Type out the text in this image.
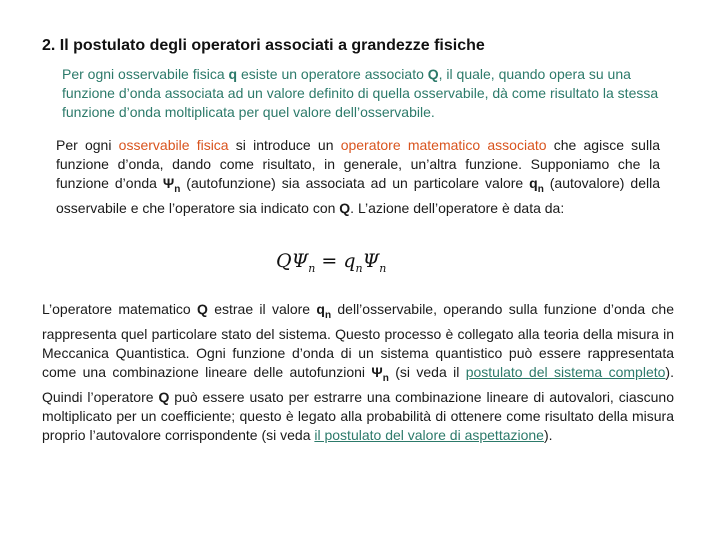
2. Il postulato degli operatori associati a grandezze fisiche
Per ogni osservabile fisica q esiste un operatore associato Q, il quale, quando opera su una funzione d’onda associata ad un valore definito di quella osservabile, dà come risultato la stessa funzione d’onda moltiplicata per quel valore dell’osservabile.
Per ogni osservabile fisica si introduce un operatore matematico associato che agisce sulla funzione d’onda, dando come risultato, in generale, un’altra funzione. Supponiamo che la funzione d’onda $\Psi_n$ (autofunzione) sia associata ad un particolare valore $q_n$ (autovalore) della osservabile e che l’operatore sia indicato con Q. L’azione dell’operatore è data da:
$Q\Psi_n = q_n\Psi_n$
L’operatore matematico Q estrae il valore $q_n$ dell’osservabile, operando sulla funzione d’onda che rappresenta quel particolare stato del sistema. Questo processo è collegato alla teoria della misura in Meccanica Quantistica. Ogni funzione d’onda di un sistema quantistico può essere rappresentata come una combinazione lineare delle autofunzioni $\Psi_n$ (si veda il postulato del sistema completo). Quindi l’operatore Q può essere usato per estrarre una combinazione lineare di autovalori, ciascuno moltiplicato per un coefficiente; questo è legato alla probabilità di ottenere come risultato della misura proprio l’autovalore corrispondente (si veda il postulato del valore di aspettazione).
